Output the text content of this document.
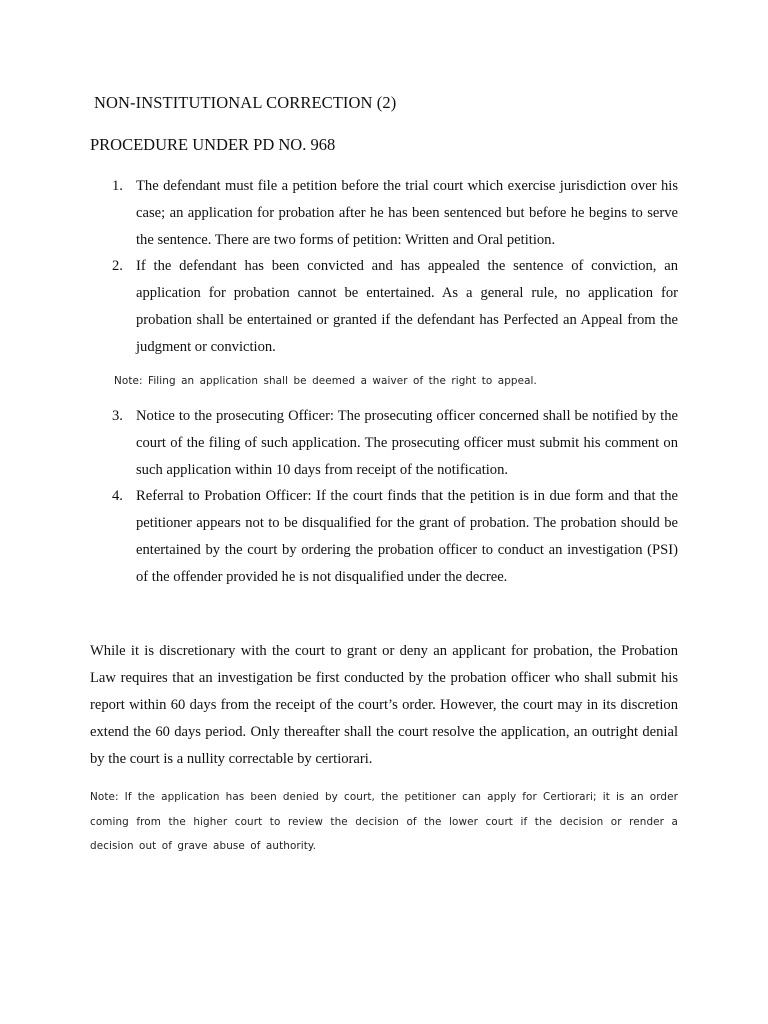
NON-INSTITUTIONAL CORRECTION (2)
PROCEDURE UNDER PD NO. 968
1. The defendant must file a petition before the trial court which exercise jurisdiction over his case; an application for probation after he has been sentenced but before he begins to serve the sentence. There are two forms of petition: Written and Oral petition.
2. If the defendant has been convicted and has appealed the sentence of conviction, an application for probation cannot be entertained. As a general rule, no application for probation shall be entertained or granted if the defendant has Perfected an Appeal from the judgment or conviction.
Note: Filing an application shall be deemed a waiver of the right to appeal.
3. Notice to the prosecuting Officer: The prosecuting officer concerned shall be notified by the court of the filing of such application. The prosecuting officer must submit his comment on such application within 10 days from receipt of the notification.
4. Referral to Probation Officer: If the court finds that the petition is in due form and that the petitioner appears not to be disqualified for the grant of probation. The probation should be entertained by the court by ordering the probation officer to conduct an investigation (PSI) of the offender provided he is not disqualified under the decree.

While it is discretionary with the court to grant or deny an applicant for probation, the Probation Law requires that an investigation be first conducted by the probation officer who shall submit his report within 60 days from the receipt of the court’s order. However, the court may in its discretion extend the 60 days period. Only thereafter shall the court resolve the application, an outright denial by the court is a nullity correctable by certiorari.

Note: If the application has been denied by court, the petitioner can apply for Certiorari; it is an order coming from the higher court to review the decision of the lower court if the decision or render a decision out of grave abuse of authority.
